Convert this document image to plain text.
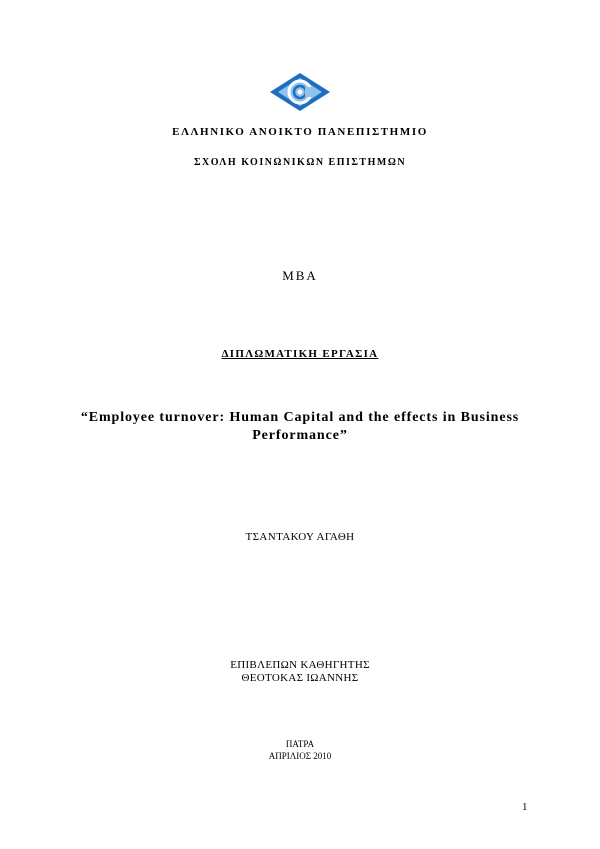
ΕΛΛΗΝΙΚΟ ΑΝΟΙΚΤΟ ΠΑΝΕΠΙΣΤΗΜΙΟ
ΣΧΟΛΗ ΚΟΙΝΩΝΙΚΩΝ ΕΠΙΣΤΗΜΩΝ
MBA
ΔΙΠΛΩΜΑΤΙΚΗ ΕΡΓΑΣΙΑ
“Employee turnover: Human Capital and the effects in Business
Performance”
ΤΣΑΝΤΑΚΟΥ ΑΓΑΘΗ
ΕΠΙΒΛΕΠΩΝ ΚΑΘΗΓΗΤΗΣ
ΘΕΟΤΟΚΑΣ ΙΩΑΝΝΗΣ
ΠΑΤΡΑ
ΑΠΡΙΛΙΟΣ 2010
1
